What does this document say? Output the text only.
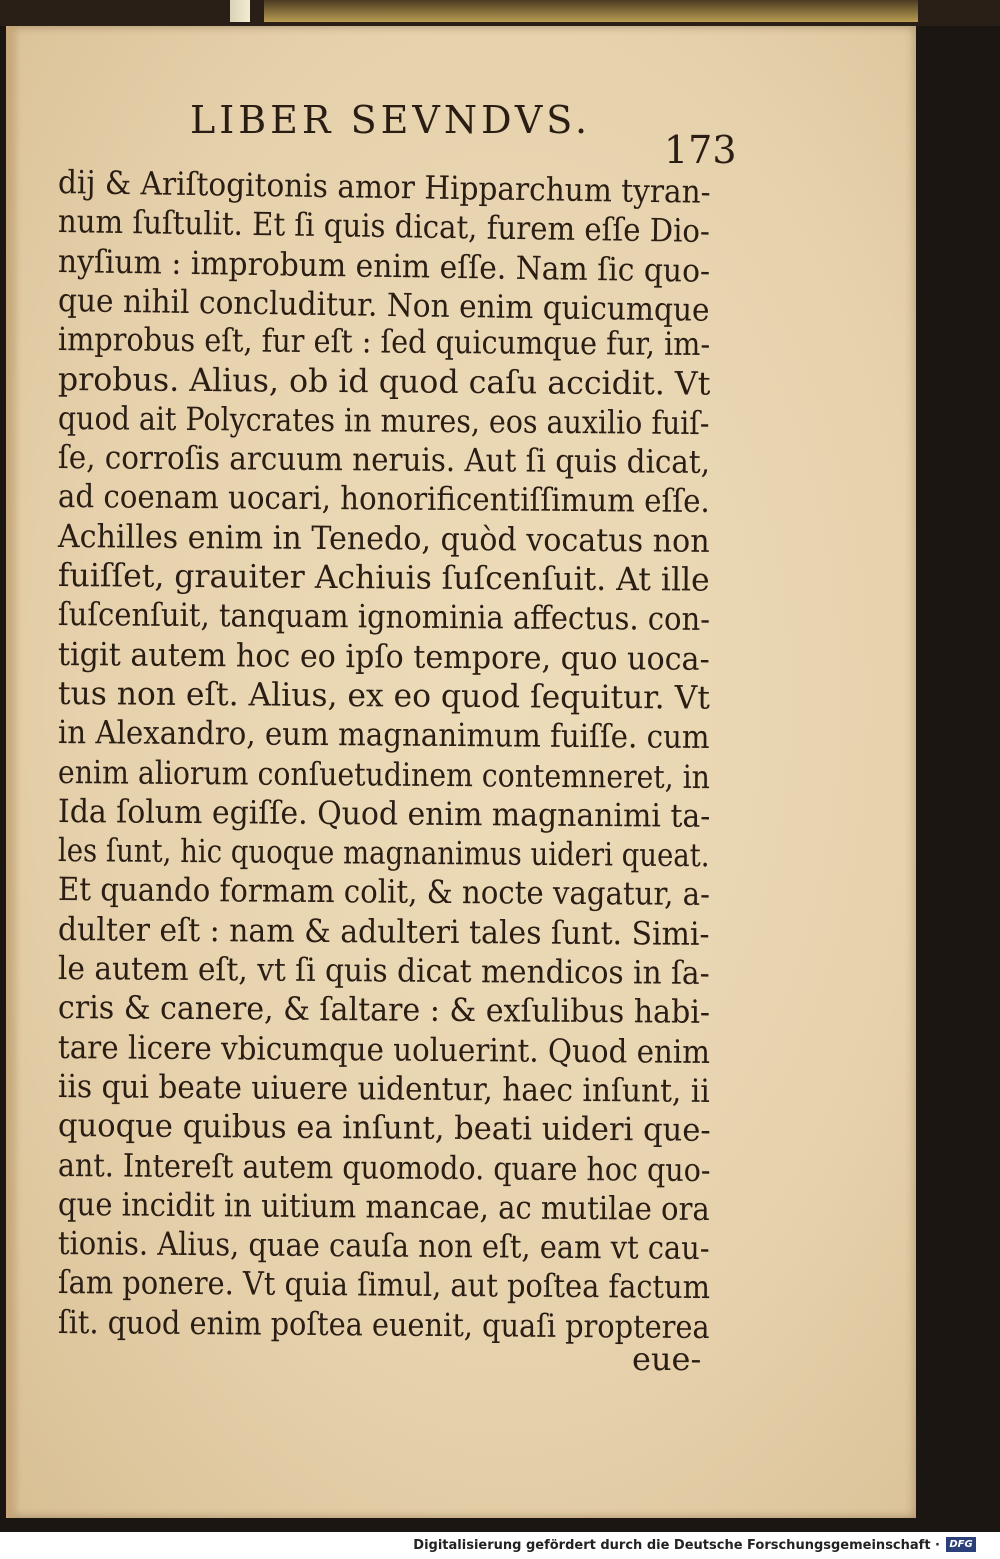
LIBER SEVNDVS.
173
dij & Ariſtogitonis amor Hipparchum tyran-
num ſuſtulit. Et ſi quis dicat, furem eſſe Dio-
nyſium : improbum enim eſſe. Nam ſic quo-
que nihil concluditur. Non enim quicumque
improbus eſt, fur eſt : ſed quicumque fur, im-
probus. Alius, ob id quod caſu accidit. Vt
quod ait Polycrates in mures, eos auxilio fuiſ-
ſe, corroſis arcuum neruis. Aut ſi quis dicat,
ad coenam uocari, honorificentiſſimum eſſe.
Achilles enim in Tenedo, quòd vocatus non
fuiſſet, grauiter Achiuis ſuſcenſuit. At ille
ſuſcenſuit, tanquam ignominia affectus. con-
tigit autem hoc eo ipſo tempore, quo uoca-
tus non eſt. Alius, ex eo quod ſequitur. Vt
in Alexandro, eum magnanimum fuiſſe. cum
enim aliorum conſuetudinem contemneret, in
Ida ſolum egiſſe. Quod enim magnanimi ta-
les ſunt, hic quoque magnanimus uideri queat.
Et quando formam colit, & nocte vagatur, a-
dulter eſt : nam & adulteri tales ſunt. Simi-
le autem eſt, vt ſi quis dicat mendicos in ſa-
cris & canere, & ſaltare : & exſulibus habi-
tare licere vbicumque uoluerint. Quod enim
iis qui beate uiuere uidentur, haec inſunt, ii
quoque quibus ea inſunt, beati uideri que-
ant. Intereſt autem quomodo. quare hoc quo-
que incidit in uitium mancae, ac mutilae ora
tionis. Alius, quae cauſa non eſt, eam vt cau-
ſam ponere. Vt quia ſimul, aut poſtea factum
ſit. quod enim poſtea euenit, quaſi propterea
eue-
Digitalisierung gefördert durch die Deutsche Forschungsgemeinschaft · DFG
